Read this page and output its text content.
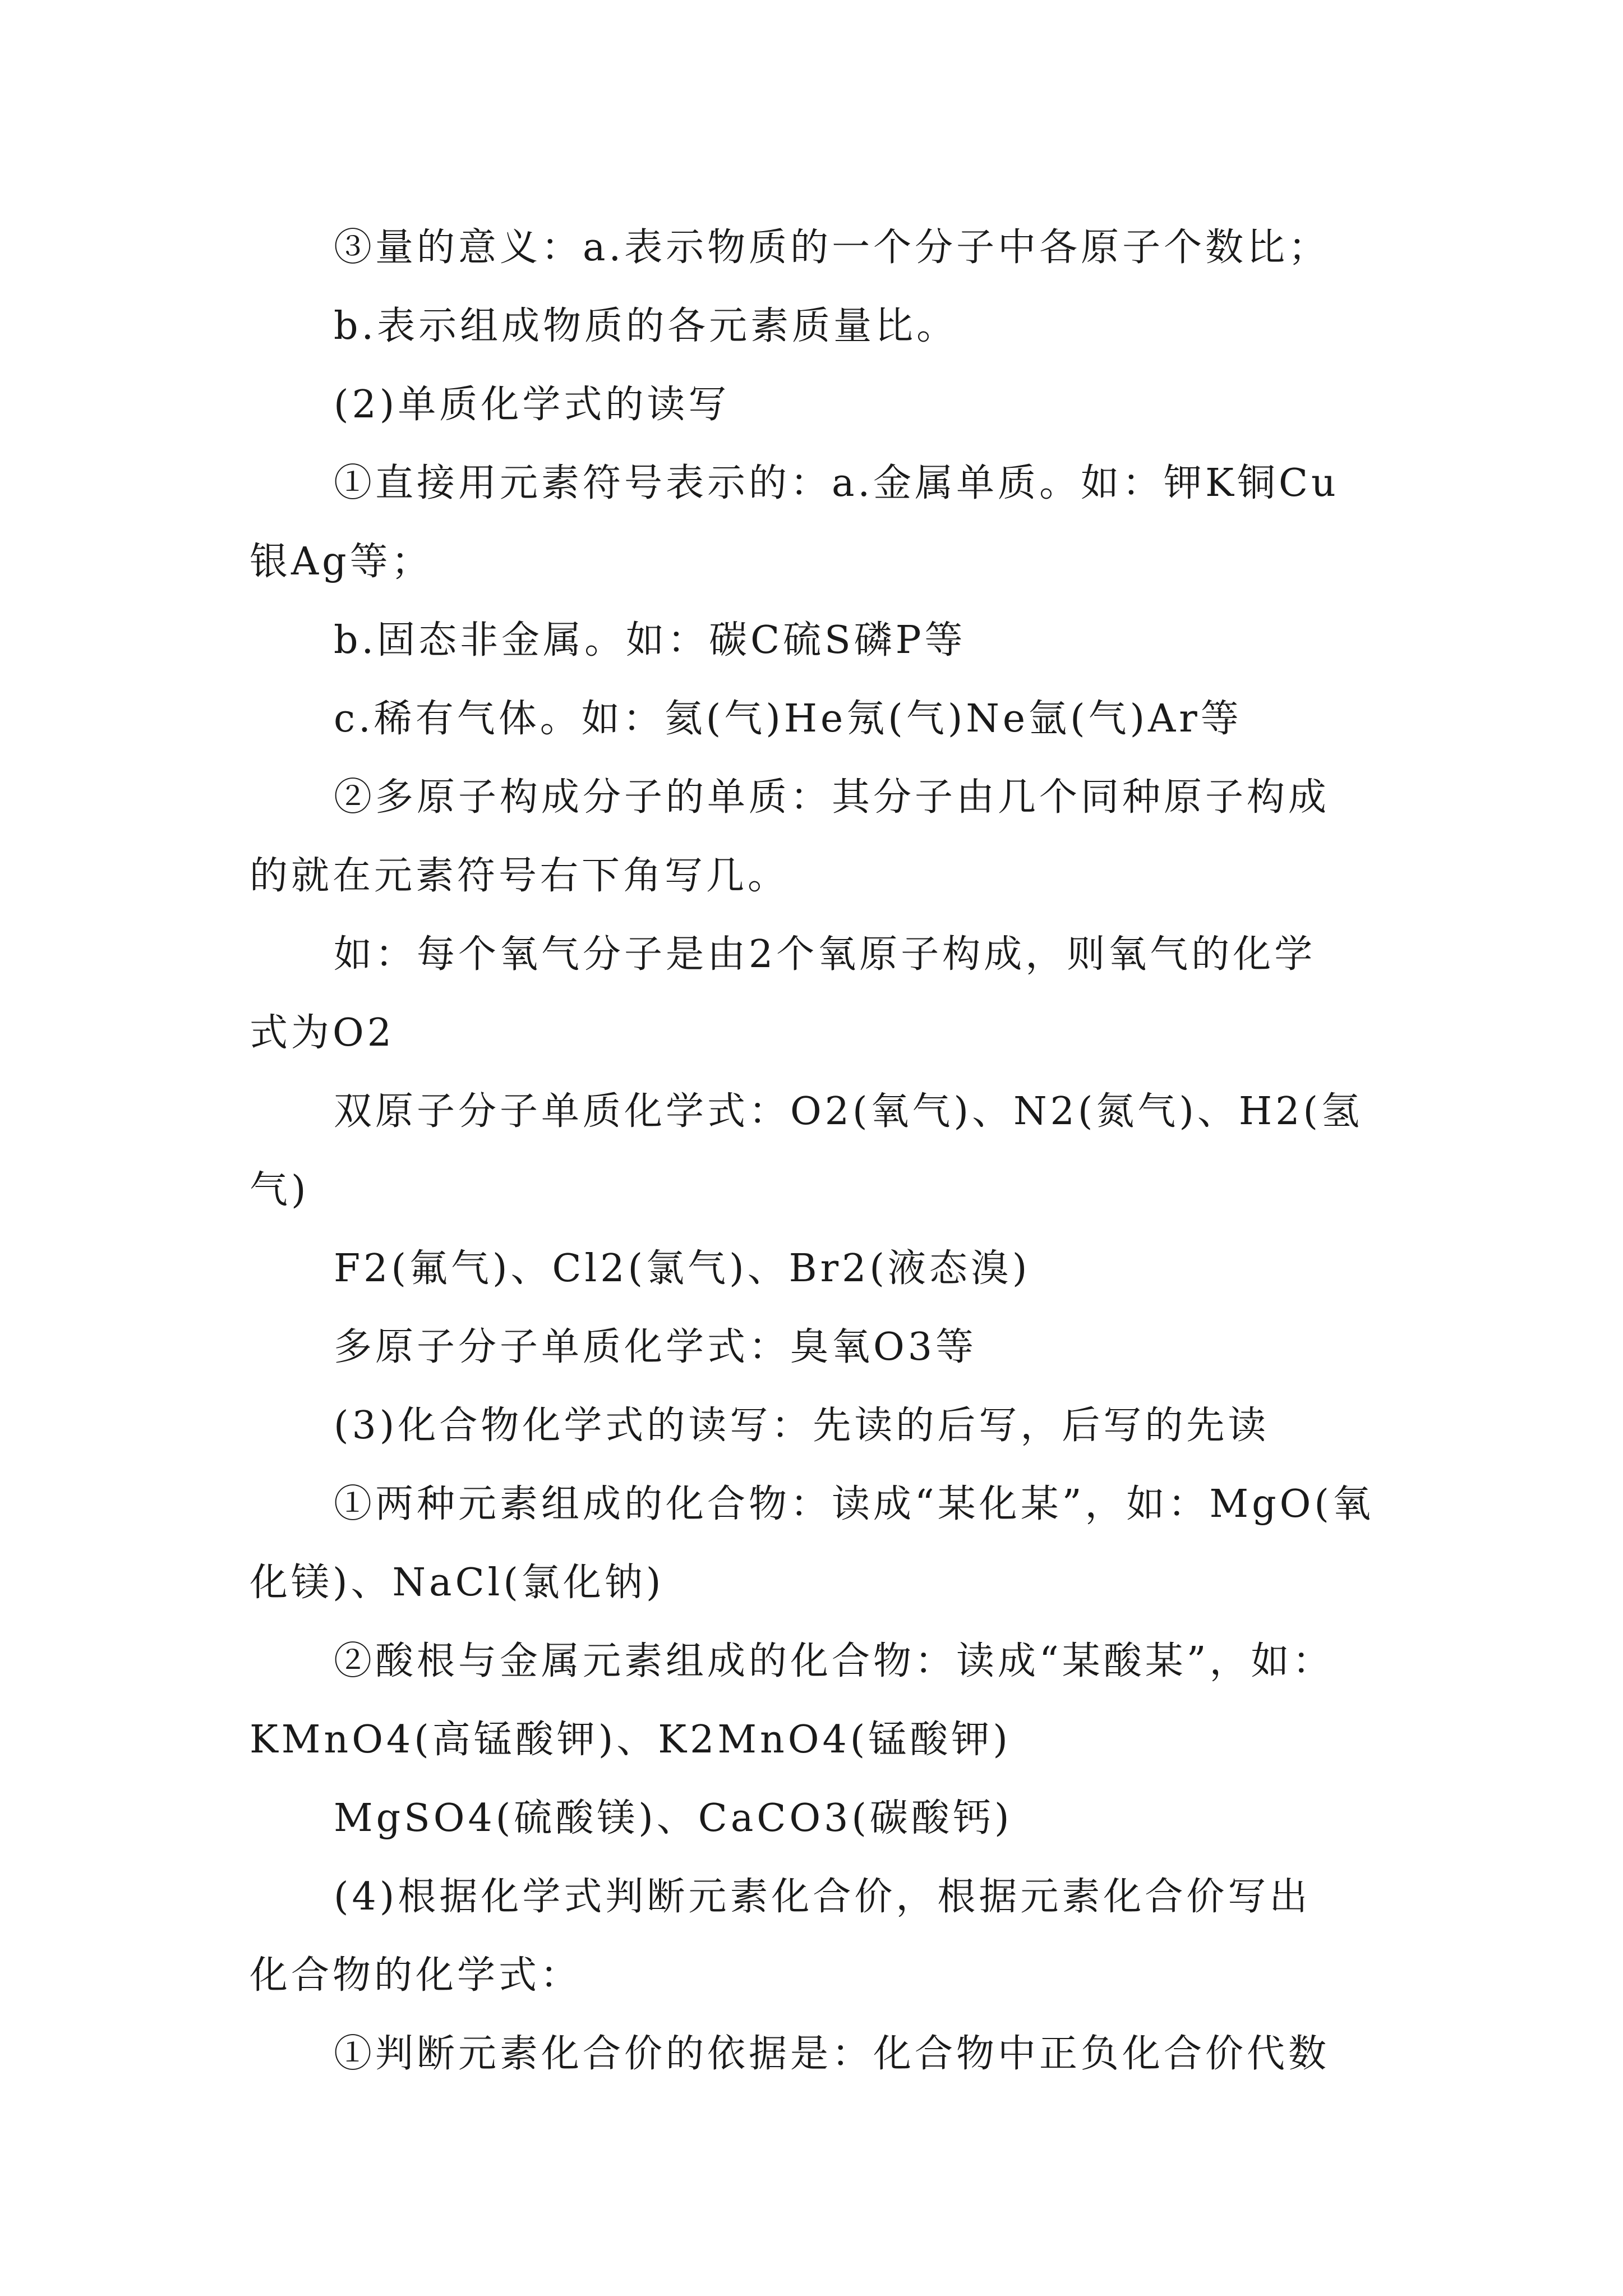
③量的意义：a.表示物质的一个分子中各原子个数比；
b.表示组成物质的各元素质量比。
(2)单质化学式的读写
①直接用元素符号表示的：a.金属单质。如：钾K铜Cu
银Ag等；
b.固态非金属。如：碳C硫S磷P等
c.稀有气体。如：氦(气)He氖(气)Ne氩(气)Ar等
②多原子构成分子的单质：其分子由几个同种原子构成
的就在元素符号右下角写几。
如：每个氧气分子是由2个氧原子构成，则氧气的化学
式为O2
双原子分子单质化学式：O2(氧气)、N2(氮气)、H2(氢
气)
F2(氟气)、Cl2(氯气)、Br2(液态溴)
多原子分子单质化学式：臭氧O3等
(3)化合物化学式的读写：先读的后写，后写的先读
①两种元素组成的化合物：读成“某化某”，如：MgO(氧
化镁)、NaCl(氯化钠)
②酸根与金属元素组成的化合物：读成“某酸某”，如：
KMnO4(高锰酸钾)、K2MnO4(锰酸钾)
MgSO4(硫酸镁)、CaCO3(碳酸钙)
(4)根据化学式判断元素化合价，根据元素化合价写出
化合物的化学式：
①判断元素化合价的依据是：化合物中正负化合价代数
